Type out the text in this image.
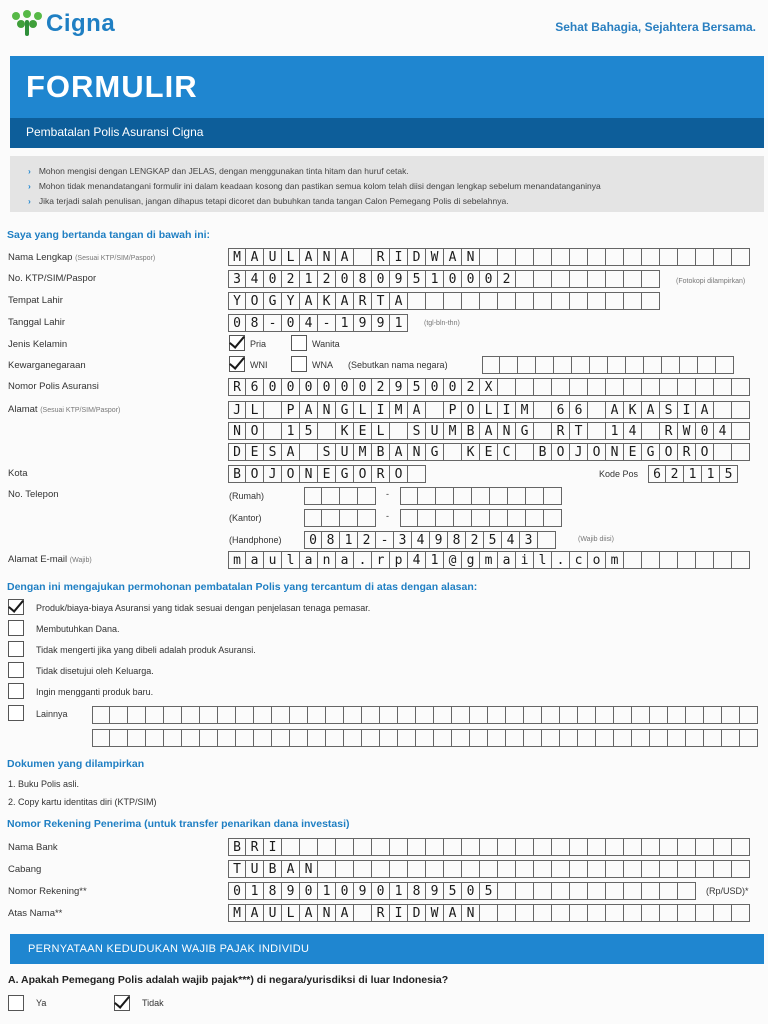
Cigna	Sehat Bahagia, Sejahtera Bersama.
FORMULIR
Pembatalan Polis Asuransi Cigna
› Mohon mengisi dengan LENGKAP dan JELAS, dengan menggunakan tinta hitam dan huruf cetak.
› Mohon tidak menandatangani formulir ini dalam keadaan kosong dan pastikan semua kolom telah diisi dengan lengkap sebelum menandatanganinya
› Jika terjadi salah penulisan, jangan dihapus tetapi dicoret dan bubuhkan tanda tangan Calon Pemegang Polis di sebelahnya.
Saya yang bertanda tangan di bawah ini:
Nama Lengkap (Sesuai KTP/SIM/Paspor)	M A U L A N A	R I D W A N
No. KTP/SIM/Paspor	3 4 0 2 1 2 0 8 0 9 5 1 0 0 0 2	(Fotokopi dilampirkan)
Tempat Lahir	Y O G Y A K A R T A
Tanggal Lahir	0 8 - 0 4 - 1 9 9 1	(tgl-bln-thn)
Jenis Kelamin	Pria	Wanita
Kewarganegaraan	WNI	WNA (Sebutkan nama negara)
Nomor Polis Asuransi	R 6 0 0 0 0 0 0 2 9 5 0 0 2 X
Alamat (Sesuai KTP/SIM/Paspor)	J L	P A N G L I M A	P O L I M	6 6	A K A S I A
N O	1 5	K E L	S U M B A N G	R T	1 4	R W 0 4
D E S A	S U M B A N G	K E C	B O J O N E G O R O
Kota	B O J O N E G O R O	Kode Pos	6 2 1 1 5
No. Telepon	(Rumah)	-
(Kantor)	-
(Handphone)	0 8 1 2 - 3 4 9 8 2 5 4 3	(Wajib diisi)
Alamat E-mail (Wajib)	m a u l a n a . r p 4 1 @ g m a i l . c o m
Dengan ini mengajukan permohonan pembatalan Polis yang tercantum di atas dengan alasan:
Produk/biaya-biaya Asuransi yang tidak sesuai dengan penjelasan tenaga pemasar.
Membutuhkan Dana.
Tidak mengerti jika yang dibeli adalah produk Asuransi.
Tidak disetujui oleh Keluarga.
Ingin mengganti produk baru.
Lainnya
Dokumen yang dilampirkan
1. Buku Polis asli.
2. Copy kartu identitas diri (KTP/SIM)
Nomor Rekening Penerima (untuk transfer penarikan dana investasi)
Nama Bank	B R I
Cabang	T U B A N
Nomor Rekening**	0 1 8 9 0 1 0 9 0 1 8 9 5 0 5	(Rp/USD)*
Atas Nama**	M A U L A N A	R I D W A N
PERNYATAAN KEDUDUKAN WAJIB PAJAK INDIVIDU
A. Apakah Pemegang Polis adalah wajib pajak***) di negara/yurisdiksi di luar Indonesia?
Ya	Tidak
